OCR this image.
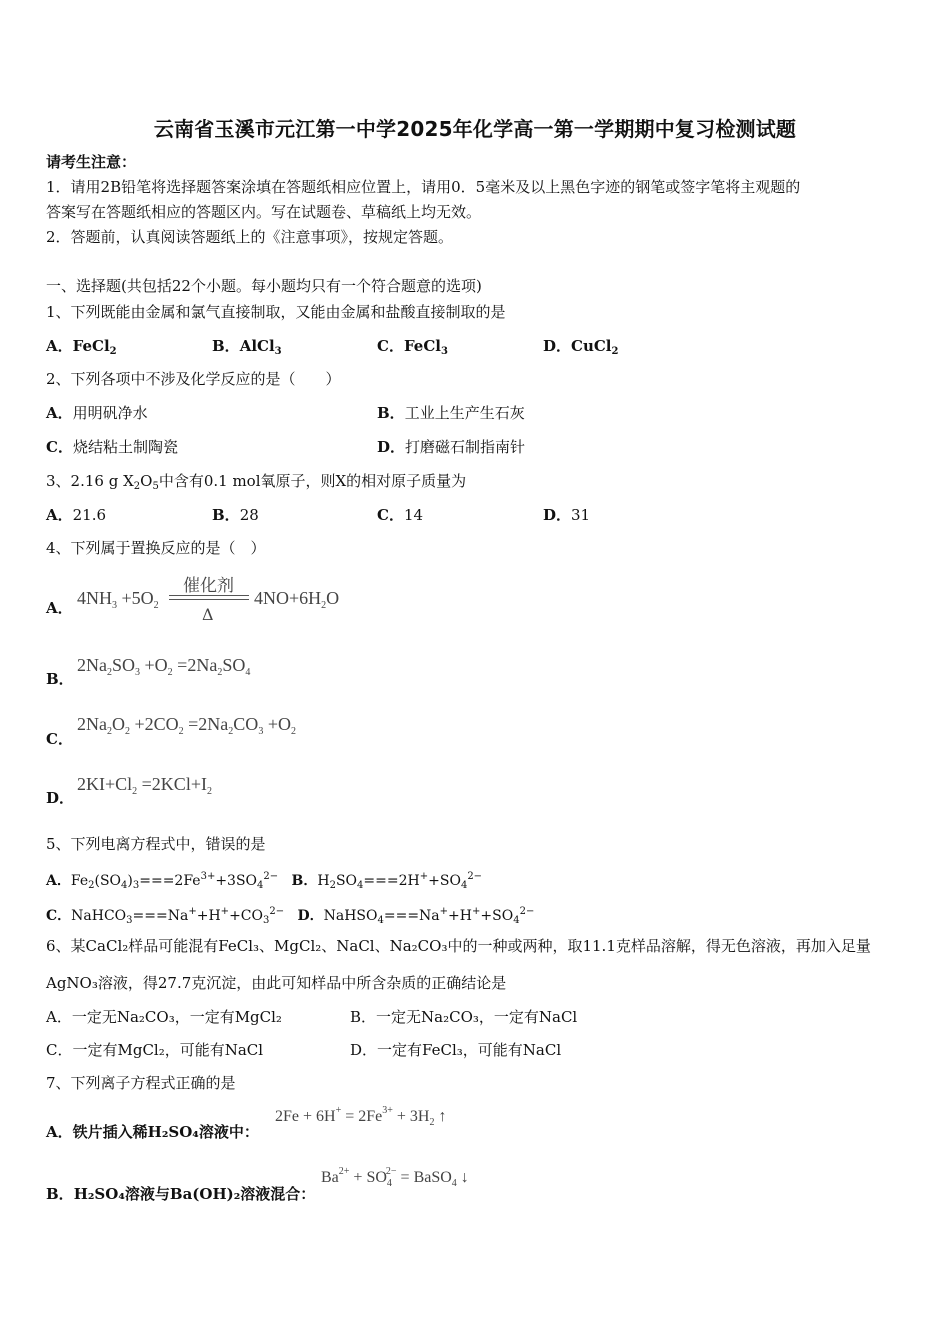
云南省玉溪市元江第一中学2025年化学高一第一学期期中复习检测试题
请考生注意：
1．请用2B铅笔将选择题答案涂填在答题纸相应位置上，请用0．5毫米及以上黑色字迹的钢笔或签字笔将主观题的
答案写在答题纸相应的答题区内。写在试题卷、草稿纸上均无效。
2．答题前，认真阅读答题纸上的《注意事项》，按规定答题。
一、选择题(共包括22个小题。每小题均只有一个符合题意的选项)
1、下列既能由金属和氯气直接制取，又能由金属和盐酸直接制取的是
A．FeCl$_2$	B．AlCl$_3$	C．FeCl$_3$	D．CuCl$_2$
2、下列各项中不涉及化学反应的是（　　）
A．用明矾净水	B．工业上生产生石灰
C．烧结粘土制陶瓷	D．打磨磁石制指南针
3、2.16 g $X_2O_5$中含有0.1 mol氧原子，则X的相对原子质量为
A．21.6	B．28	C．14	D．31
4、下列属于置换反应的是（　）
A． $4NH_3 +5O_2$
催化剂
Δ
$4NO+6H_2O$
B．
$2Na_2SO_3 +O_2 =2Na_2SO_4$
C．
$2Na_2O_2 +2CO_2 =2Na_2CO_3 +O_2$
D．
$2KI+Cl_2 =2KCl+I_2$
5、下列电离方程式中，错误的是
A．$Fe_2(SO_4)_3===2Fe^{3+}+3SO_4^{2-}$ B．$H_2SO_4===2H^++SO_4^{2-}$
C．$NaHCO_3===Na^++H^++CO_3^{2-}$ D．$NaHSO_4===Na^++H^++SO_4^{2-}$
6、某CaCl₂样品可能混有FeCl₃、MgCl₂、NaCl、Na₂CO₃中的一种或两种，取11.1克样品溶解，得无色溶液，再加入足量
AgNO₃溶液，得27.7克沉淀，由此可知样品中所含杂质的正确结论是
A．一定无Na₂CO₃，一定有MgCl₂	B．一定无Na₂CO₃，一定有NaCl
C．一定有MgCl₂，可能有NaCl	D．一定有FeCl₃，可能有NaCl
7、下列离子方程式正确的是
A．铁片插入稀H₂SO₄溶液中：
$2Fe + 6H^+ = 2Fe^{3+} + 3H_2$ ↑
B．H₂SO₄溶液与Ba(OH)₂溶液混合：
$Ba^{2+} + SO_4^{2-}$ = BaSO$_4$ ↓
